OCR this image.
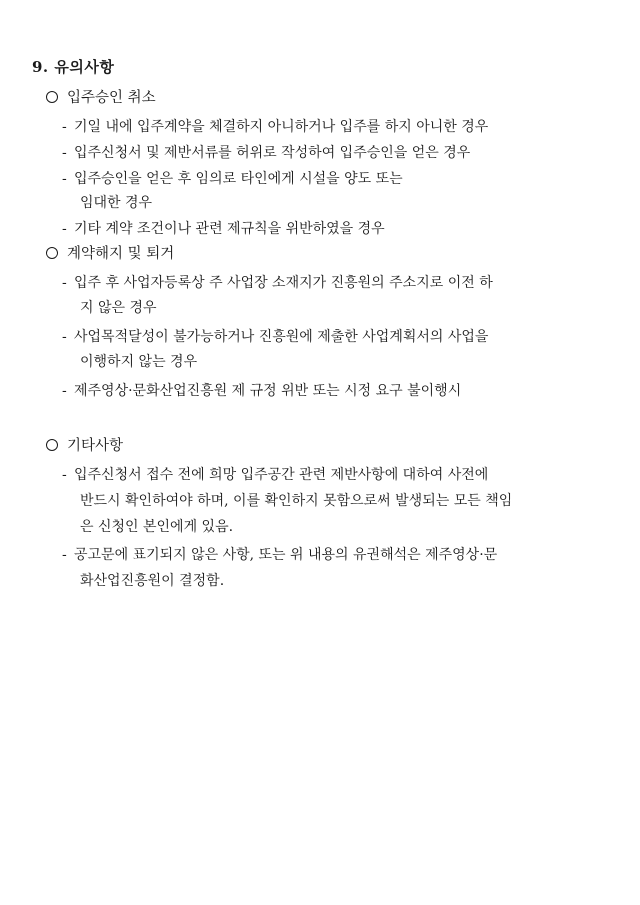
9. 유의사항
입주승인 취소
- 기일 내에 입주계약을 체결하지 아니하거나 입주를 하지 아니한 경우
- 입주신청서 및 제반서류를 허위로 작성하여 입주승인을 얻은 경우
- 입주승인을 얻은 후 임의로 타인에게 시설을 양도 또는
임대한 경우
- 기타 계약 조건이나 관련 제규칙을 위반하였을 경우
계약해지 및 퇴거
- 입주 후 사업자등록상 주 사업장 소재지가 진흥원의 주소지로 이전 하
지 않은 경우
- 사업목적달성이 불가능하거나 진흥원에 제출한 사업계획서의 사업을
이행하지 않는 경우
- 제주영상·문화산업진흥원 제 규정 위반 또는 시정 요구 불이행시
기타사항
- 입주신청서 접수 전에 희망 입주공간 관련 제반사항에 대하여 사전에
반드시 확인하여야 하며, 이를 확인하지 못함으로써 발생되는 모든 책임
은 신청인 본인에게 있음.
- 공고문에 표기되지 않은 사항, 또는 위 내용의 유권해석은 제주영상·문
화산업진흥원이 결정함.
